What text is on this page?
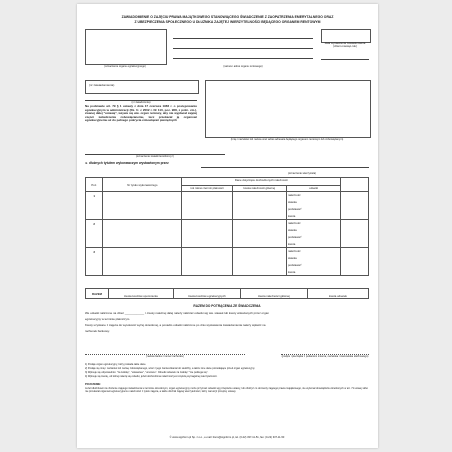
ZAWIADOMIENIE O ZAJĘCIU PRAWA MAJĄTKOWEGO STANOWIĄCEGO ŚWIADCZENIE Z ZAOPATRZENIA EMERYTALNEGO ORAZ
Z UBEZPIECZENIA SPOŁECZNEGO U DŁUŻNIKA ZAJĘTEJ WIERZYTELNOŚCI BĘDĄCEGO ORGANEM RENTOWYM
data wystawienia zawiadomienia (dzień-miesiąc-rok)
(oznaczenie organu egzekucyjnego)	(nazwa i adres organu rentowego)
(nr zawiadomienia)
(nr świadczenia)
Na podstawie art. 79 § 1 ustawy z dnia 17 czerwca 1966 r. o postępowaniu egzekucyjnym w administracji (Dz. U. z 2002 r. Nr 110, poz. 968, z późn. zm.), zwanej dalej "ustawą", wzywa się ww. organ rentowy, aby nie wypłacał zajętej części świadczenia zobowiązanemu, lecz przekazał ją organowi egzekucyjnemu aż do pełnego pokrycia zobowiązań pieniężnych
(imię i nazwisko lub nazwa oraz adres adresata będącego organem rentowym lub zobowiązanym)
(oznaczenie świadczeniobiorcy¹⁾)
► dłużnych tytułem wykonawczym wystawionym przez
(oznaczenie wierzyciela)
Poz.	Nr tytułu wykonawczego	Dane dotyczące dochodzonych należności			
		rok /okres /termin płatności	kwota należności głównej	odsetki	
1				należność
stawka
podstawa²⁾
kwota	

2				należność
stawka
podstawa²⁾
kwota	

3				należność
stawka
podstawa²⁾
kwota	

RAZEM	kwota kosztów upomnienia	kwota kosztów egzekucyjnych	kwota należności głównej	kwota odsetek
RAZEM DO POTRĄCENIA ZE ŚWIADCZENIA
We odsetki naliczone na dzień ____________ r. kwoty należnej dalej należy naliczać odsetki wg ww. stawek lub kwoty wskazanych przez organ
egzekucyjny w terminie płatniczym.
Kwoty uzyskane z zajęcia do wysokości wyżej określonej, a ponadto odsetki naliczone po dniu wystawienia zawiadomienia należy wpłacić na
rachunek bankowy:
(nazwa banku i numer rachunku)	(podpis i pieczątka z podaniem imienia, nazwiska i stanowiska służbowego)
1) Podaje organ egzekucyjny, który posiada takie dane.
2) Podaje się imię i nazwisko lub nazwę zobowiązanego, wraz z jego zamieszkania lub siedziby, a także inne dane pozwalające przed organ egzekucyjny
3) Wpisuje się odpowiednio: "za zwłokę", "ustawowe", "umowne". Odsetki odsetek za zwłokę" "nie podlega się".
4) Wpisuje się kwotę, od której należą się odsetki, jeżeli dochodzona należność jest częścią wymagalnej wierzytelności.
POUCZENIE:
Jeżeli dłużnikowi nie złożenie zajętego świadczenia w terminie określonym, organ egzekucyjny może przyznać odsetki wg przepisów ustawy, lub obniżyć co do kwoty zajętego prawa majątkowego, nie wykonał obowiązków określonych w art. 71 ustawy albo nie przekazał organowi egzekucyjnemu należności z tytułu zajęcia, a także dłużnik zajętej wierzytelności, który naruszył przepisy ustawy.
© www.signform.pl Sp. z o.o., e-mail: biuro@signform.pl, tel. (0-22) 337-11-51, fax: (0-22) 337-11-53
